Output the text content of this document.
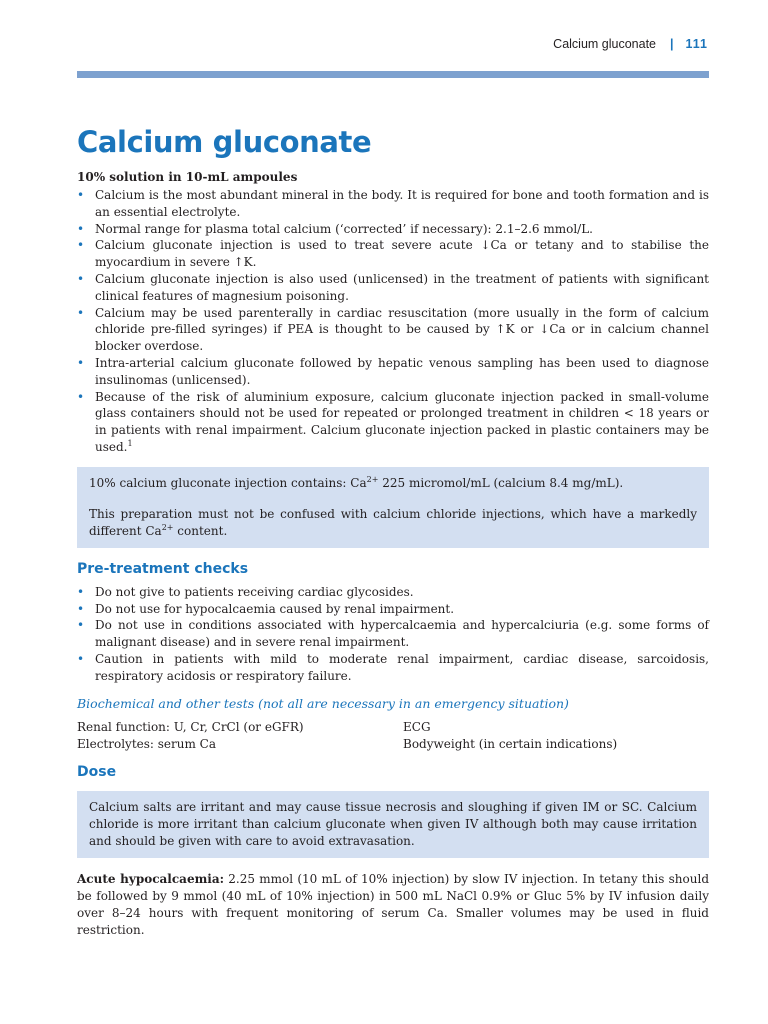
Calcium gluconate | 111
Calcium gluconate
10% solution in 10-mL ampoules
• Calcium is the most abundant mineral in the body. It is required for bone and tooth formation and is an essential electrolyte.
• Normal range for plasma total calcium (‘corrected’ if necessary): 2.1–2.6 mmol/L.
• Calcium gluconate injection is used to treat severe acute ↓Ca or tetany and to stabilise the myocardium in severe ↑K.
• Calcium gluconate injection is also used (unlicensed) in the treatment of patients with significant clinical features of magnesium poisoning.
• Calcium may be used parenterally in cardiac resuscitation (more usually in the form of calcium chloride pre-filled syringes) if PEA is thought to be caused by ↑K or ↓Ca or in calcium channel blocker overdose.
• Intra-arterial calcium gluconate followed by hepatic venous sampling has been used to diagnose insulinomas (unlicensed).
• Because of the risk of aluminium exposure, calcium gluconate injection packed in small-volume glass containers should not be used for repeated or prolonged treatment in children < 18 years or in patients with renal impairment. Calcium gluconate injection packed in plastic containers may be used.$^1$

10% calcium gluconate injection contains: $Ca^{2+}$ 225 micromol/mL (calcium 8.4 mg/mL).

This preparation must not be confused with calcium chloride injections, which have a markedly different $Ca^{2+}$ content.

Pre-treatment checks
• Do not give to patients receiving cardiac glycosides.
• Do not use for hypocalcaemia caused by renal impairment.
• Do not use in conditions associated with hypercalcaemia and hypercalciuria (e.g. some forms of malignant disease) and in severe renal impairment.
• Caution in patients with mild to moderate renal impairment, cardiac disease, sarcoidosis, respiratory acidosis or respiratory failure.
Biochemical and other tests (not all are necessary in an emergency situation)
Renal function: U, Cr, CrCl (or eGFR)	ECG
Electrolytes: serum Ca	Bodyweight (in certain indications)
Dose

Calcium salts are irritant and may cause tissue necrosis and sloughing if given IM or SC. Calcium chloride is more irritant than calcium gluconate when given IV although both may cause irritation and should be given with care to avoid extravasation.

Acute hypocalcaemia: 2.25 mmol (10 mL of 10% injection) by slow IV injection. In tetany this should be followed by 9 mmol (40 mL of 10% injection) in 500 mL NaCl 0.9% or Gluc 5% by IV infusion daily over 8–24 hours with frequent monitoring of serum Ca. Smaller volumes may be used in fluid restriction.
